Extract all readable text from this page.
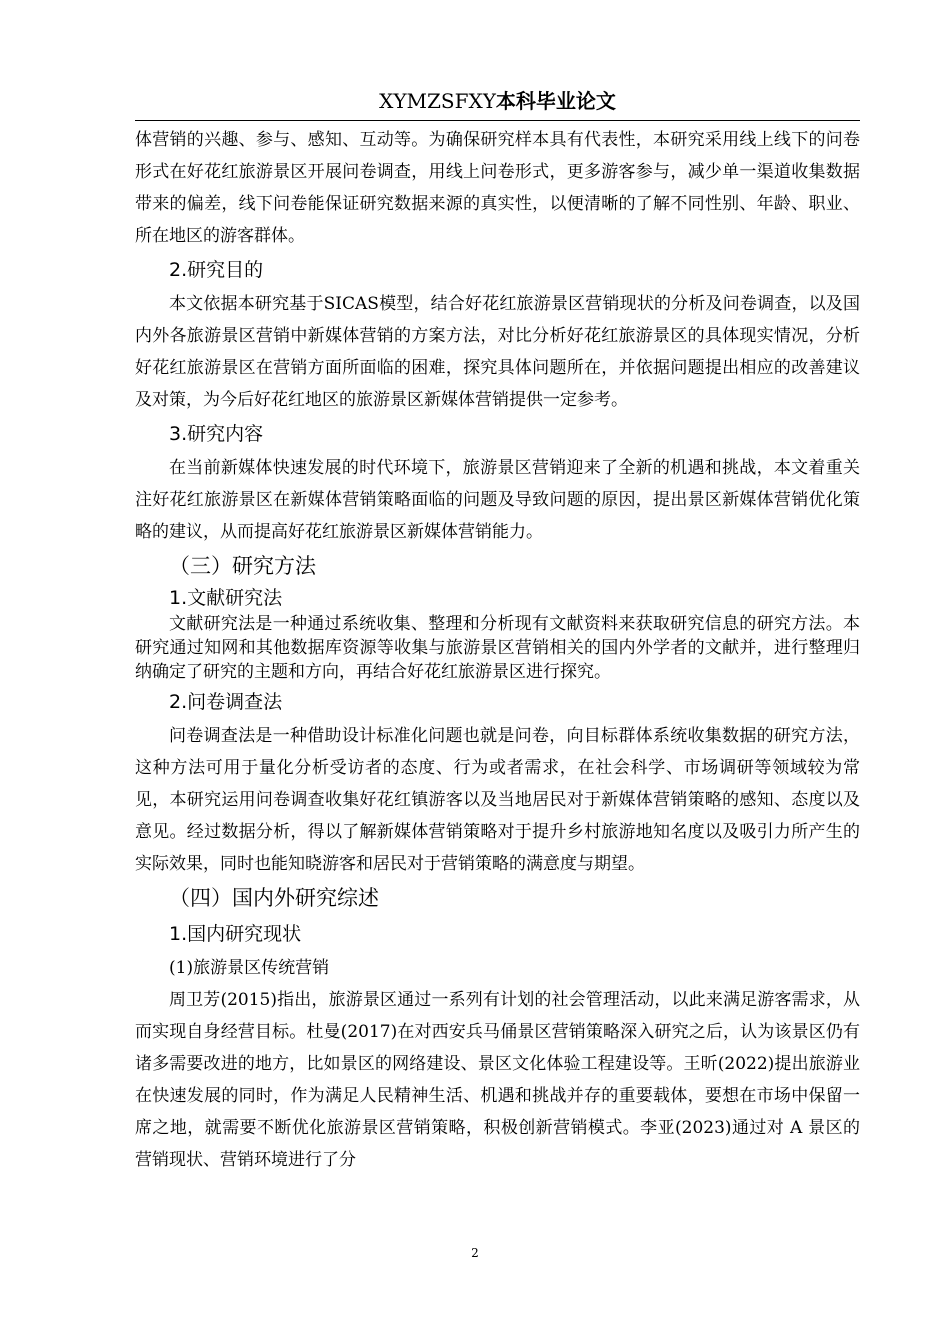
XYMZSFXY本科毕业论文

体营销的兴趣、参与、感知、互动等。为确保研究样本具有代表性，本研究采用线上线下的问卷形式在好花红旅游景区开展问卷调查，用线上问卷形式，更多游客参与，减少单一渠道收集数据带来的偏差，线下问卷能保证研究数据来源的真实性，以便清晰的了解不同性别、年龄、职业、所在地区的游客群体。

2.研究目的

本文依据本研究基于SICAS模型，结合好花红旅游景区营销现状的分析及问卷调查，以及国内外各旅游景区营销中新媒体营销的方案方法，对比分析好花红旅游景区的具体现实情况，分析好花红旅游景区在营销方面所面临的困难，探究具体问题所在，并依据问题提出相应的改善建议及对策，为今后好花红地区的旅游景区新媒体营销提供一定参考。

3.研究内容

在当前新媒体快速发展的时代环境下，旅游景区营销迎来了全新的机遇和挑战，本文着重关注好花红旅游景区在新媒体营销策略面临的问题及导致问题的原因，提出景区新媒体营销优化策略的建议，从而提高好花红旅游景区新媒体营销能力。

（三）研究方法
1.文献研究法

文献研究法是一种通过系统收集、整理和分析现有文献资料来获取研究信息的研究方法。本研究通过知网和其他数据库资源等收集与旅游景区营销相关的国内外学者的文献并，进行整理归纳确定了研究的主题和方向，再结合好花红旅游景区进行探究。

2.问卷调查法

问卷调查法是一种借助设计标准化问题也就是问卷，向目标群体系统收集数据的研究方法，这种方法可用于量化分析受访者的态度、行为或者需求，在社会科学、市场调研等领域较为常见，本研究运用问卷调查收集好花红镇游客以及当地居民对于新媒体营销策略的感知、态度以及意见。经过数据分析，得以了解新媒体营销策略对于提升乡村旅游地知名度以及吸引力所产生的实际效果，同时也能知晓游客和居民对于营销策略的满意度与期望。

（四）国内外研究综述
1.国内研究现状

(1)旅游景区传统营销

周卫芳(2015)指出，旅游景区通过一系列有计划的社会管理活动，以此来满足游客需求，从而实现自身经营目标。杜曼(2017)在对西安兵马俑景区营销策略深入研究之后，认为该景区仍有诸多需要改进的地方，比如景区的网络建设、景区文化体验工程建设等。王昕(2022)提出旅游业在快速发展的同时，作为满足人民精神生活、机遇和挑战并存的重要载体，要想在市场中保留一席之地，就需要不断优化旅游景区营销策略，积极创新营销模式。李亚(2023)通过对 A 景区的营销现状、营销环境进行了分

2
